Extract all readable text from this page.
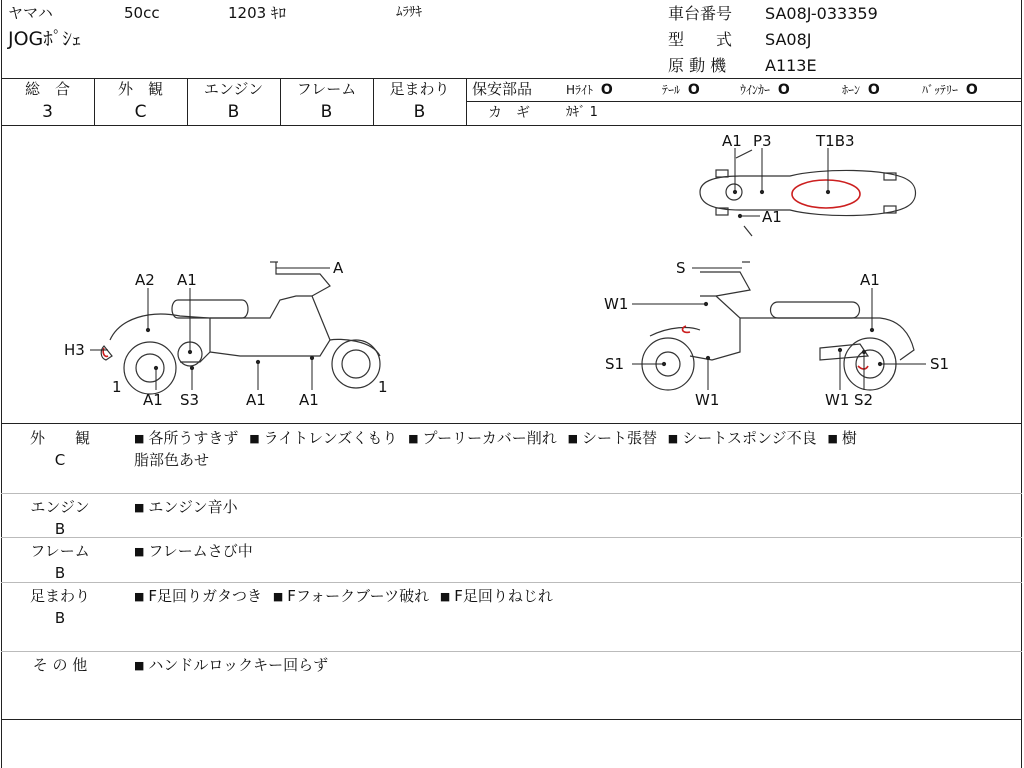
ヤマハ	50cc	1203 ｷﾛ	ﾑﾗｻｷ
JOGﾎﾟｼｪ
車台番号 SA08J-033359
型　　式 SA08J
原 動 機 A113E
総　合
3
外　観
C
エンジン
B
フレーム
B
足まわり
B
保安部品	Hﾗｲﾄ O	ﾃｰﾙ O	ｳｲﾝｶｰ O	ﾎｰﾝ O	ﾊﾞｯﾃﾘｰ O
カ　ギ	ｶｷﾞ 1
A1 P3	T1B3
A1
A
A2 A1
H3
1
A1 S3	A1 A1
1
S
W1
A1
S1	S1
W1	W1 S2
外　　観
C
■ 各所うすきず ■ ライトレンズくもり ■ プーリーカバー削れ ■ シート張替 ■ シートスポンジ不良 ■ 樹
脂部色あせ
エンジン
B
■ エンジン音小
フレーム
B
■ フレームさび中
足まわり
B
■ F足回りガタつき ■ Fフォークブーツ破れ ■ F足回りねじれ
そ の 他	■ ハンドルロックキー回らず
